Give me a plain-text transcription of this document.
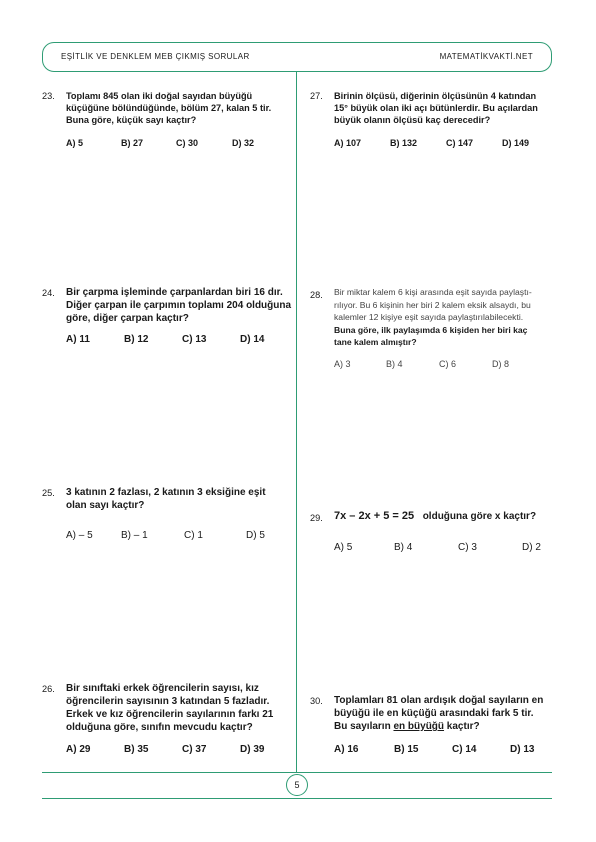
EŞİTLİK VE DENKLEM MEB ÇIKMIŞ SORULAR	MATEMATİKVAKTİ.NET
23. Toplamı 845 olan iki doğal sayıdan büyüğü
küçüğüne bölündüğünde, bölüm 27, kalan 5 tir.
Buna göre, küçük sayı kaçtır?
A) 5	B) 27	C) 30	D) 32
24. Bir çarpma işleminde çarpanlardan biri 16 dır.
Diğer çarpan ile çarpımın toplamı 204 olduğuna
göre, diğer çarpan kaçtır?
A) 11	B) 12	C) 13	D) 14
25. 3 katının 2 fazlası, 2 katının 3 eksiğine eşit
olan sayı kaçtır?
A) – 5	B) – 1	C) 1	D) 5
26. Bir sınıftaki erkek öğrencilerin sayısı, kız
öğrencilerin sayısının 3 katından 5 fazladır.
Erkek ve kız öğrencilerin sayılarının farkı 21
olduğuna göre, sınıfın mevcudu kaçtır?
A) 29	B) 35	C) 37	D) 39
27. Birinin ölçüsü, diğerinin ölçüsünün 4 katından
15° büyük olan iki açı bütünlerdir. Bu açılardan
büyük olanın ölçüsü kaç derecedir?
A) 107	B) 132	C) 147	D) 149
28. Bir miktar kalem 6 kişi arasında eşit sayıda paylaştı-
rılıyor. Bu 6 kişinin her biri 2 kalem eksik alsaydı, bu
kalemler 12 kişiye eşit sayıda paylaştırılabilecekti.
Buna göre, ilk paylaşımda 6 kişiden her biri kaç
tane kalem almıştır?
A) 3	B) 4	C) 6	D) 8
29. 7x – 2x + 5 = 25 olduğuna göre x kaçtır?
A) 5	B) 4	C) 3	D) 2
30. Toplamları 81 olan ardışık doğal sayıların en
büyüğü ile en küçüğü arasındaki fark 5 tir.
Bu sayıların en büyüğü kaçtır?
A) 16	B) 15	C) 14	D) 13
5
